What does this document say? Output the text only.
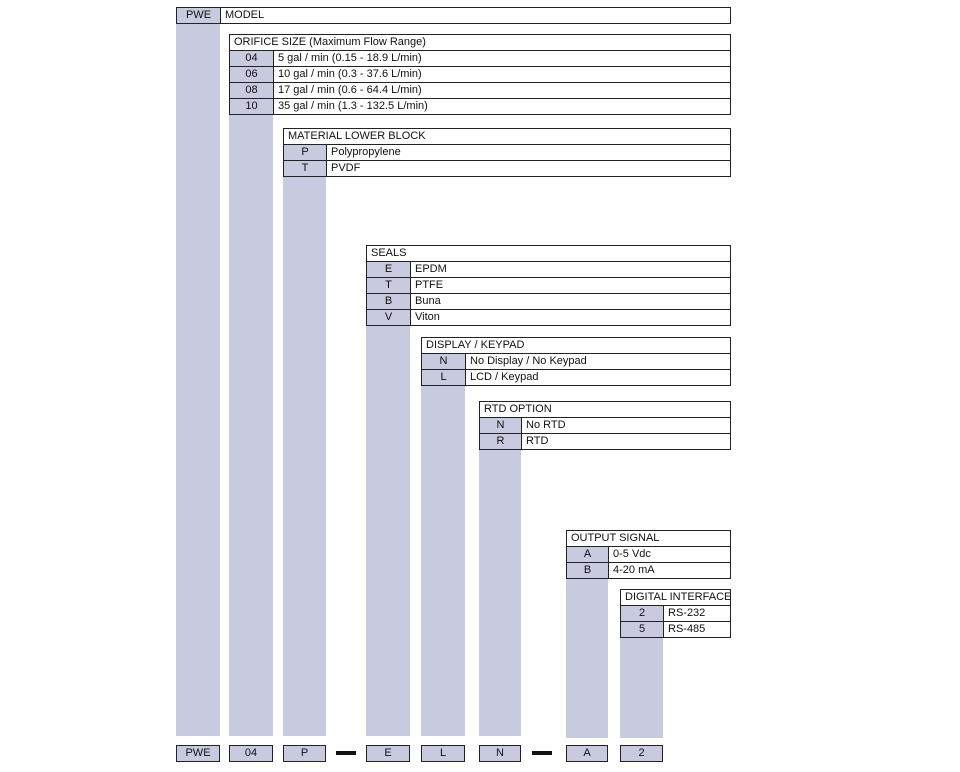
PWE	MODEL
ORIFICE SIZE (Maximum Flow Range)
04	5 gal / min (0.15 - 18.9 L/min)
06	10 gal / min (0.3 - 37.6 L/min)
08	17 gal / min (0.6 - 64.4 L/min)
10	35 gal / min (1.3 - 132.5 L/min)
MATERIAL LOWER BLOCK
P	Polypropylene
T	PVDF
SEALS
E	EPDM
T	PTFE
B	Buna
V	Viton
DISPLAY / KEYPAD
N	No Display / No Keypad
L	LCD / Keypad
RTD OPTION
N	No RTD
R	RTD
OUTPUT SIGNAL
A	0-5 Vdc
B	4-20 mA
DIGITAL INTERFACE
2	RS-232
5	RS-485
PWE	04	P	E	L	N	A	2
